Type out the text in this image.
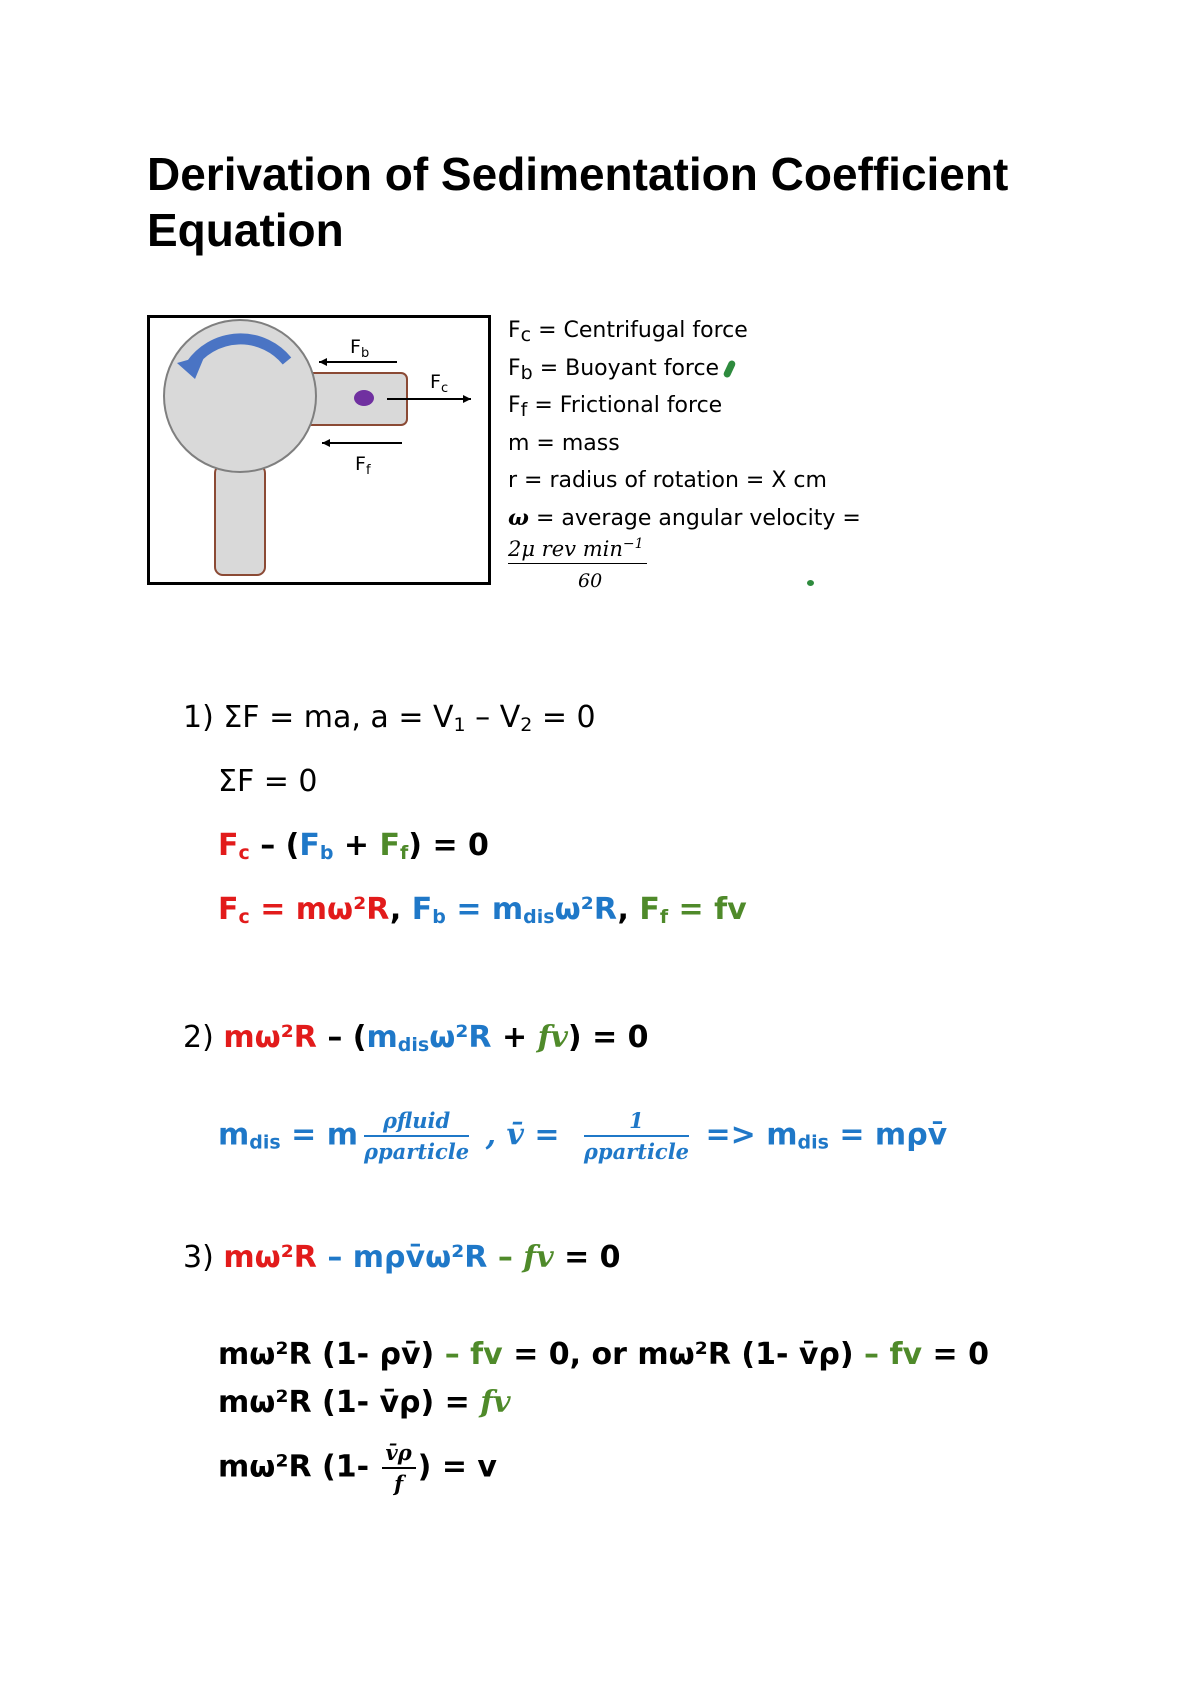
Derivation of Sedimentation Coefficient Equation
$F_b$
$F_c$
$F_f$
Fc = Centrifugal force
Fb = Buoyant force
Ff = Frictional force
m = mass
r = radius of rotation = X cm
ω = average angular velocity =
2μ rev $\min^{-1}$
60
1) ΣF = ma, $a = V_1 - V_2 = 0$
ΣF = 0
$F_c - (F_b + F_f) = 0$
$F_c = m\omega^2R$, $F_b = m_{dis}\omega^2R$, $F_f$ = fv
2) $m\omega^2R - (m_{dis}\omega^2R + fv) = 0$
$m_{dis} = m$	ρfluid
ρparticle , v̄ =	1
ρparticle => $m_{dis}$ = mρv̄
3) mω²R – mρv̄ω²R – fv = 0
mω²R (1- ρv̄) – fv = 0, or mω²R (1- v̄ρ) – fv = 0
mω²R (1- v̄ρ) = fv
mω²R ($1- \frac{v̄\rho}{f}$ ) = v
